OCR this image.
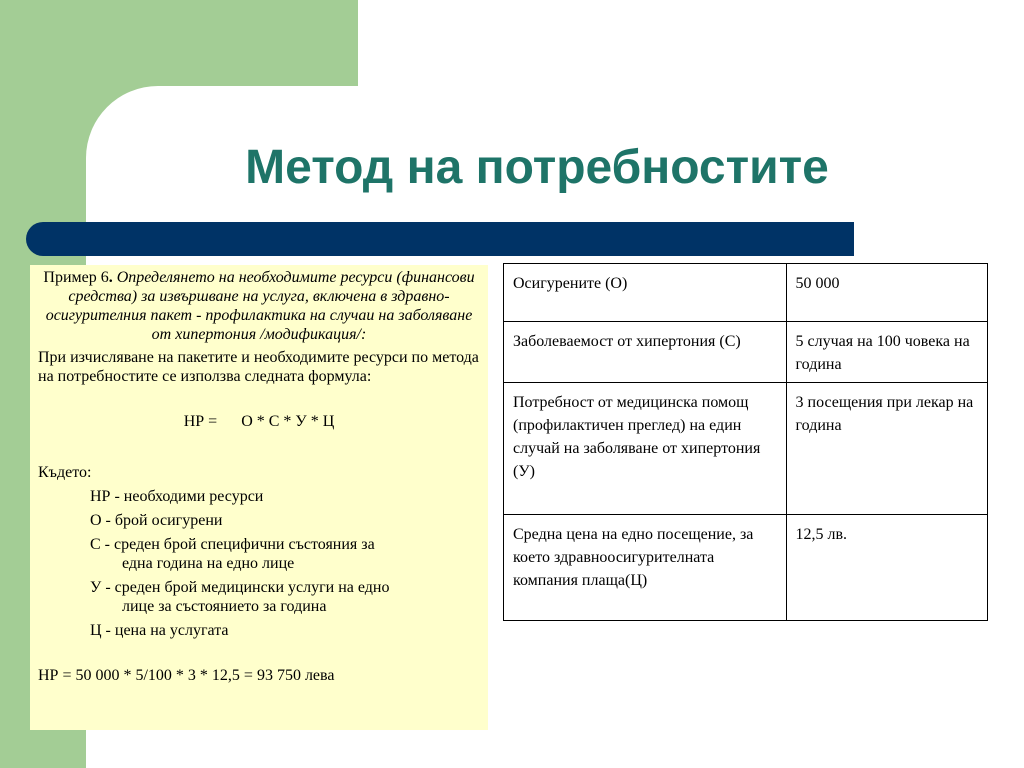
Метод на потребностите
Пример 6. Определянето на необходимите ресурси (финансови средства) за извършване на услуга, включена в здравно-осигурителния пакет - профилактика на случаи на заболяване от хипертония /модификация/:
При изчисляване на пакетите и необходимите ресурси по метода на потребностите се използва следната формула:
НР = О * С * У * Ц
Където:
НР - необходими ресурси
О - брой осигурени
С - среден брой специфични състояния за
една година на едно лице
У - среден брой медицински услуги на едно
лице за състоянието за година
Ц - цена на услугата
НР = 50 000 * 5/100 * 3 * 12,5 = 93 750 лева
Осигурените (О)	50 000
Заболеваемост от хипертония (С)	5 случая на 100 човека на година
Потребност от медицинска помощ (профилактичен преглед) на един случай на заболяване от хипертония (У)	3 посещения при лекар на година
Средна цена на едно посещение, за което здравноосигурителната компания плаща(Ц)	12,5 лв.
